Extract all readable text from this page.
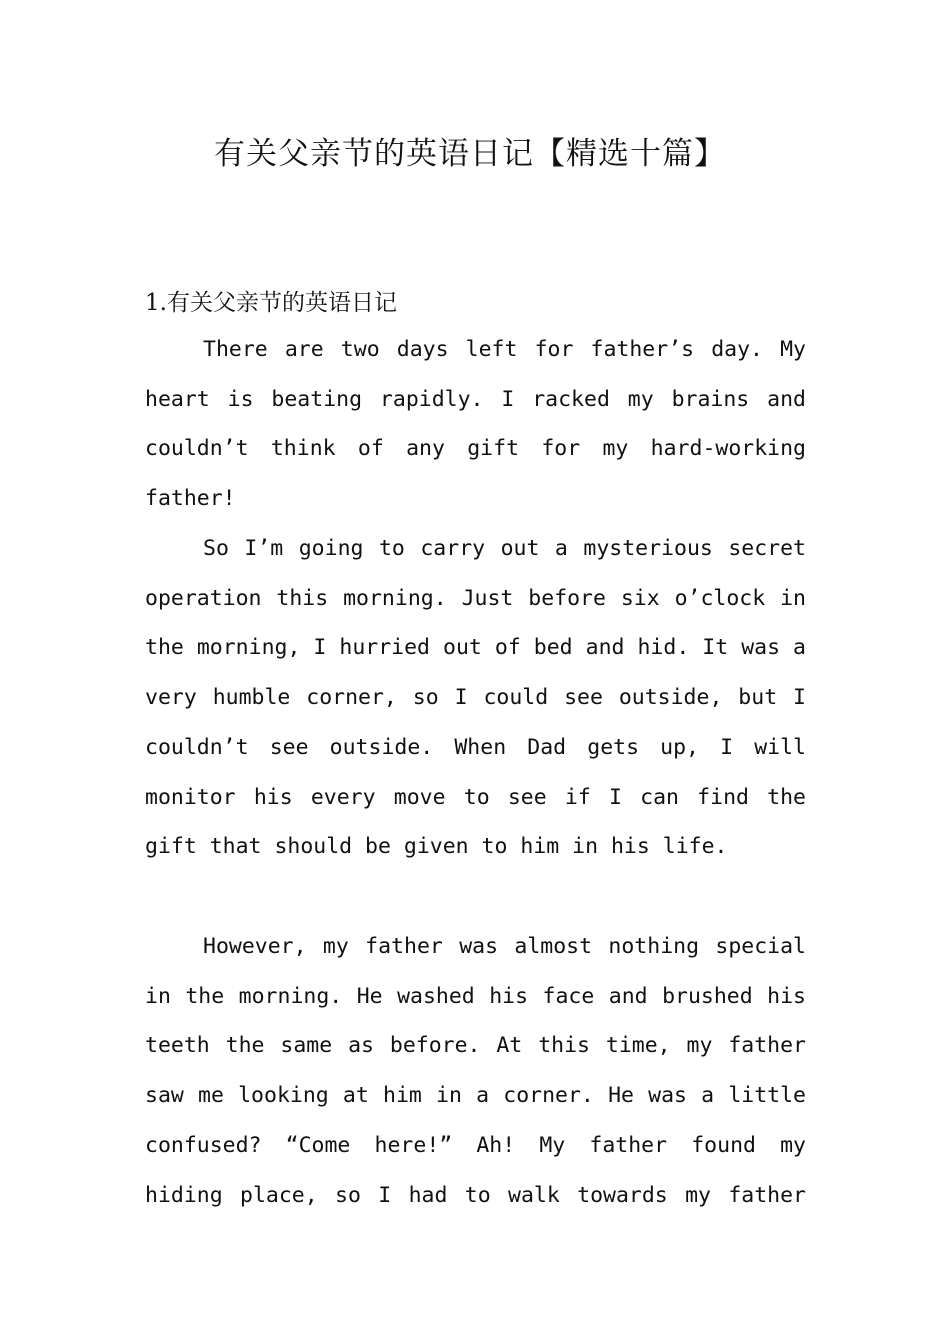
有关父亲节的英语日记【精选十篇】
1.有关父亲节的英语日记

There are two days left for father’s day. My heart is beating rapidly. I racked my brains and couldn’t think of any gift for my hard-working father!

So I’m going to carry out a mysterious secret operation this morning. Just before six o’clock in the morning, I hurried out of bed and hid. It was a very humble corner, so I could see outside, but I couldn’t see outside. When Dad gets up, I will monitor his every move to see if I can find the gift that should be given to him in his life.

However, my father was almost nothing special in the morning. He washed his face and brushed his teeth the same as before. At this time, my father saw me looking at him in a corner. He was a little confused? “Come here!” Ah! My father found my hiding place, so I had to walk towards my father
